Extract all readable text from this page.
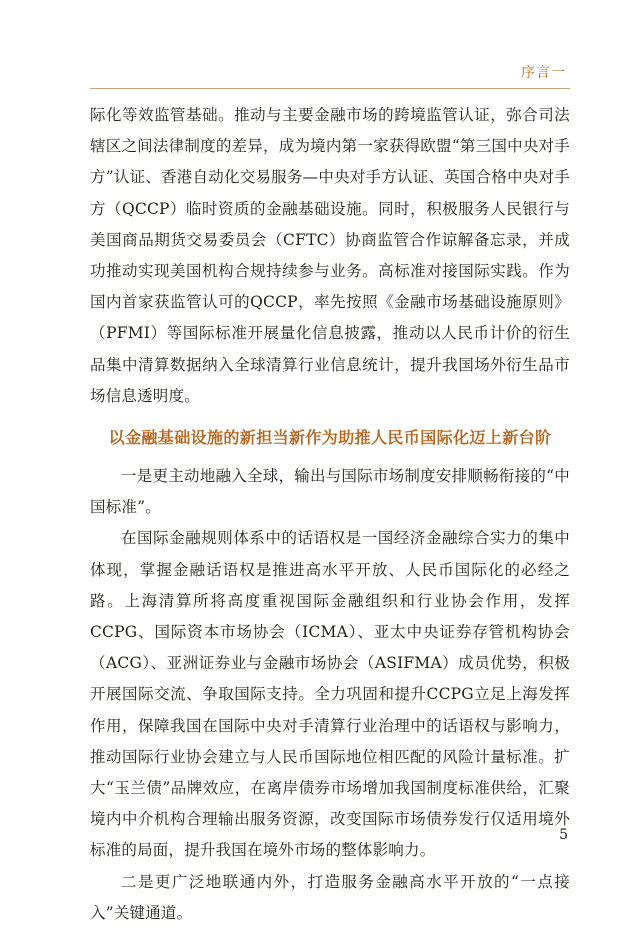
序言一

际化等效监管基础。推动与主要金融市场的跨境监管认证，弥合司法辖区之间法律制度的差异，成为境内第一家获得欧盟“第三国中央对手方”认证、香港自动化交易服务—中央对手方认证、英国合格中央对手方（QCCP）临时资质的金融基础设施。同时，积极服务人民银行与美国商品期货交易委员会（CFTC）协商监管合作谅解备忘录，并成功推动实现美国机构合规持续参与业务。高标准对接国际实践。作为国内首家获监管认可的QCCP，率先按照《金融市场基础设施原则》（PFMI）等国际标准开展量化信息披露，推动以人民币计价的衍生品集中清算数据纳入全球清算行业信息统计，提升我国场外衍生品市场信息透明度。

以金融基础设施的新担当新作为助推人民币国际化迈上新台阶

一是更主动地融入全球，输出与国际市场制度安排顺畅衔接的“中国标准”。

在国际金融规则体系中的话语权是一国经济金融综合实力的集中体现，掌握金融话语权是推进高水平开放、人民币国际化的必经之路。上海清算所将高度重视国际金融组织和行业协会作用，发挥CCPG、国际资本市场协会（ICMA）、亚太中央证券存管机构协会（ACG）、亚洲证券业与金融市场协会（ASIFMA）成员优势，积极开展国际交流、争取国际支持。全力巩固和提升CCPG立足上海发挥作用，保障我国在国际中央对手清算行业治理中的话语权与影响力，推动国际行业协会建立与人民币国际地位相匹配的风险计量标准。扩大“玉兰债”品牌效应，在离岸债券市场增加我国制度标准供给，汇聚境内中介机构合理输出服务资源，改变国际市场债券发行仅适用境外标准的局面，提升我国在境外市场的整体影响力。

二是更广泛地联通内外，打造服务金融高水平开放的“一点接入”关键通道。

5
